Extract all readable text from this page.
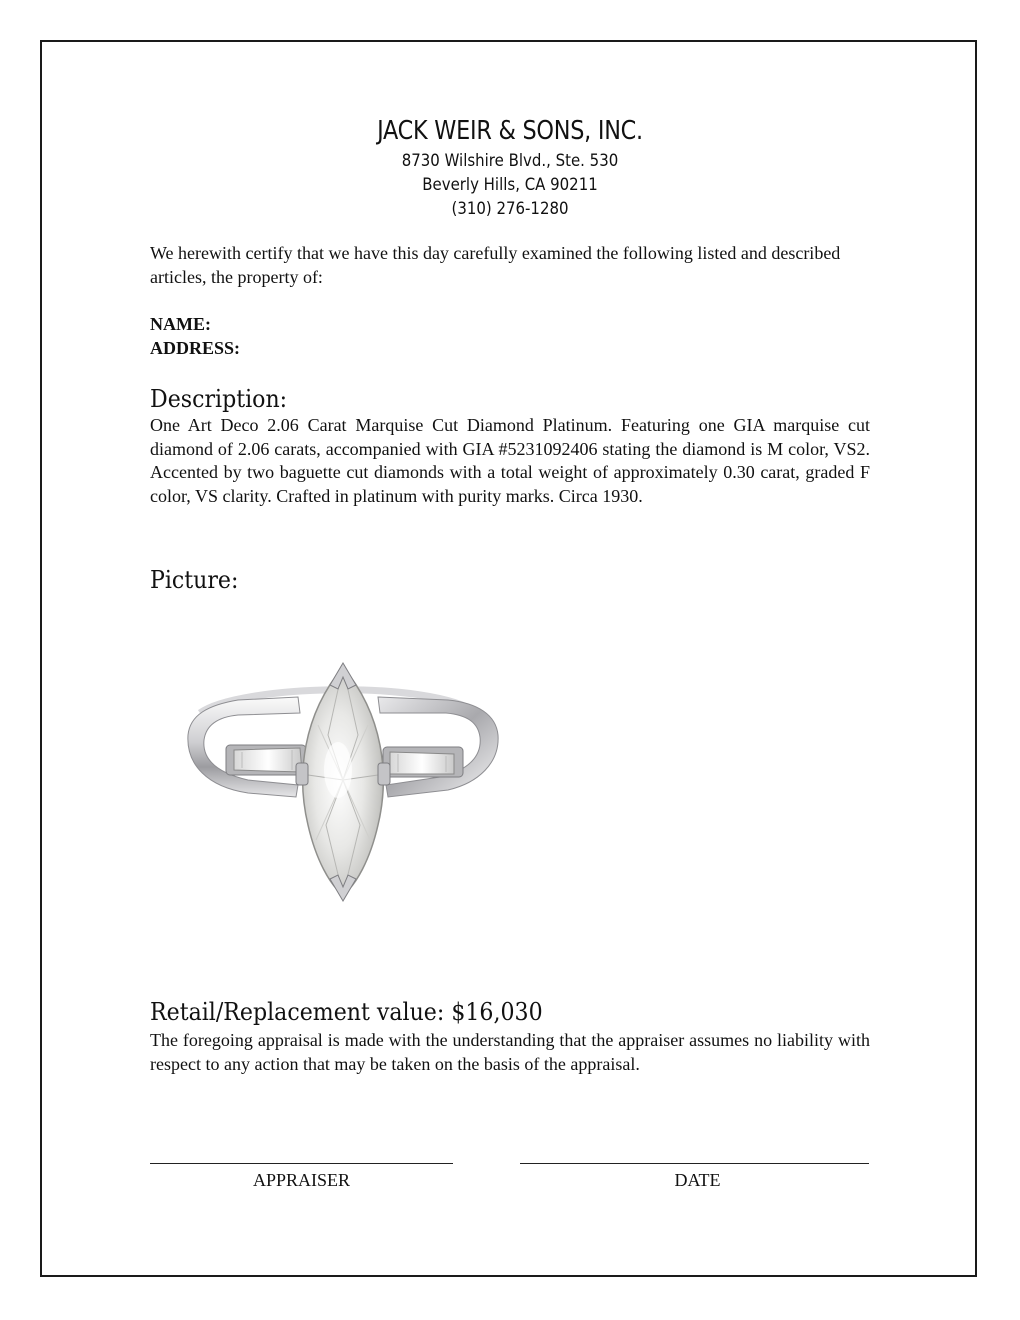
JACK WEIR & SONS, INC.
8730 Wilshire Blvd., Ste. 530
Beverly Hills, CA 90211
(310) 276-1280
We herewith certify that we have this day carefully examined the following listed and described articles, the property of:
NAME:
ADDRESS:
Description:
One Art Deco 2.06 Carat Marquise Cut Diamond Platinum. Featuring one GIA marquise cut diamond of 2.06 carats, accompanied with GIA #5231092406 stating the diamond is M color, VS2. Accented by two baguette cut diamonds with a total weight of approximately 0.30 carat, graded F color, VS clarity. Crafted in platinum with purity marks. Circa 1930.
Picture:
Retail/Replacement value: $16,030
The foregoing appraisal is made with the understanding that the appraiser assumes no liability with respect to any action that may be taken on the basis of the appraisal.
APPRAISER	DATE
